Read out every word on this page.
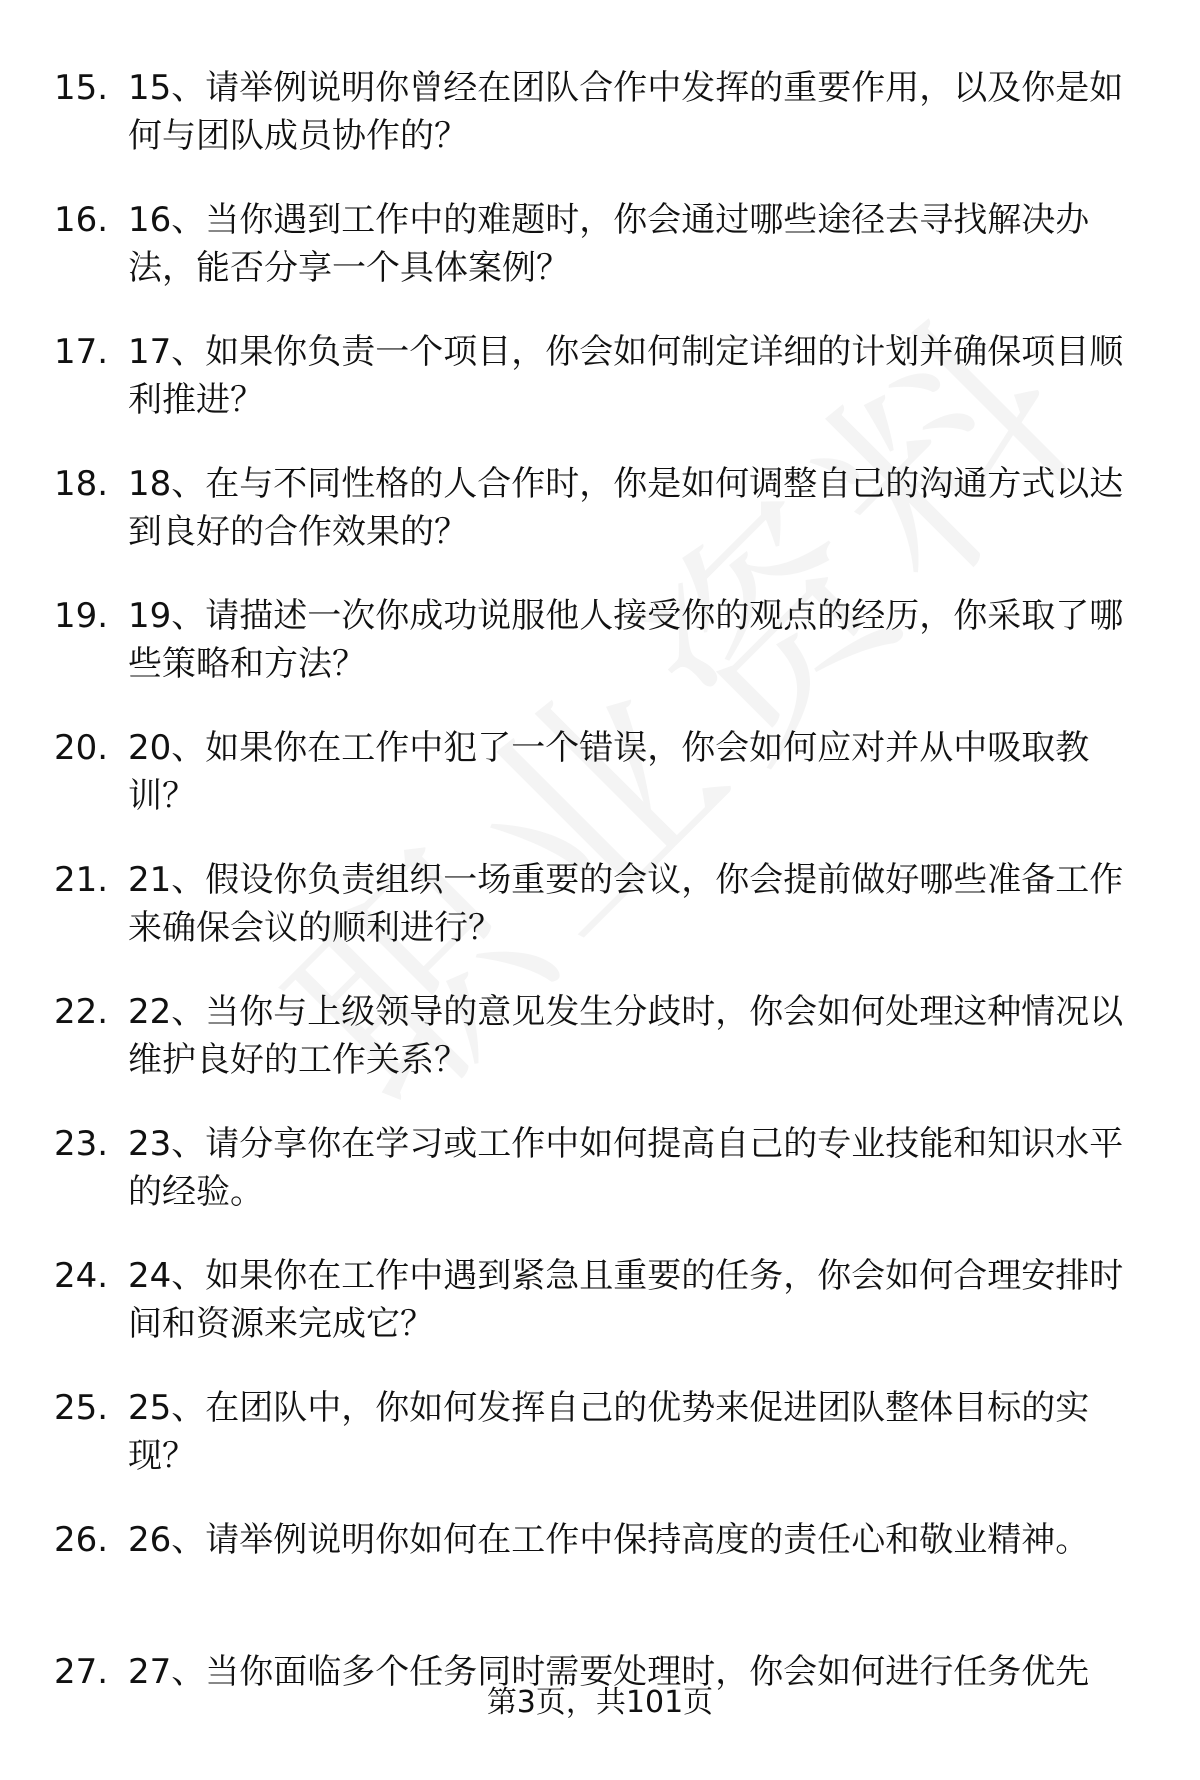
15. 15、请举例说明你曾经在团队合作中发挥的重要作用，以及你是如何与团队成员协作的？
16. 16、当你遇到工作中的难题时，你会通过哪些途径去寻找解决办法，能否分享一个具体案例？
17. 17、如果你负责一个项目，你会如何制定详细的计划并确保项目顺利推进？
18. 18、在与不同性格的人合作时，你是如何调整自己的沟通方式以达到良好的合作效果的？
19. 19、请描述一次你成功说服他人接受你的观点的经历，你采取了哪些策略和方法？
20. 20、如果你在工作中犯了一个错误，你会如何应对并从中吸取教训？
21. 21、假设你负责组织一场重要的会议，你会提前做好哪些准备工作来确保会议的顺利进行？
22. 22、当你与上级领导的意见发生分歧时，你会如何处理这种情况以维护良好的工作关系？
23. 23、请分享你在学习或工作中如何提高自己的专业技能和知识水平的经验。
24. 24、如果你在工作中遇到紧急且重要的任务，你会如何合理安排时间和资源来完成它？
25. 25、在团队中，你如何发挥自己的优势来促进团队整体目标的实现？
26. 26、请举例说明你如何在工作中保持高度的责任心和敬业精神。
27. 27、当你面临多个任务同时需要处理时，你会如何进行任务优先
第3页，共101页
